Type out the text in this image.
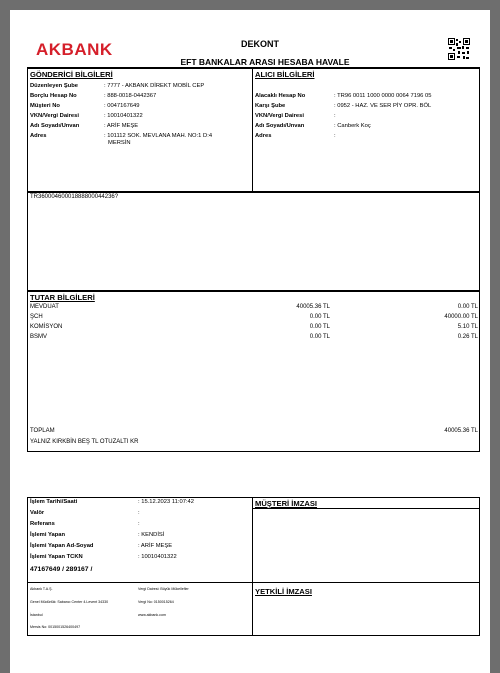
AKBANK	DEKONT
EFT BANKALAR ARASI HESABA HAVALE
GÖNDERİCİ BİLGİLERİ
Düzenleyen Şube	: 7777 - AKBANK DİREKT MOBİL CEP
Borçlu Hesap No	: 888-0018-0442367
Müşteri No	: 0047167649
VKN/Vergi Dairesi	: 10010401322
Adı Soyadı/Unvan	: ARİF MEŞE
Adres	: 101112 SOK. MEVLANA MAH. NO:1 D:4
MERSİN
ALICI BİLGİLERİ
Alacaklı Hesap No	: TR96 0011 1000 0000 0064 7196 05
Karşı Şube	: 0952 - HAZ. VE SER PİY OPR. BÖL
VKN/Vergi Dairesi	:
Adı Soyadı/Unvan	: Canberk Koç
Adres	:
TR36000460001888800044236?
TUTAR BİLGİLERİ
MEVDUAT	40005.36 TL	0.00 TL
ŞCH	0.00 TL	40000.00 TL
KOMİSYON	0.00 TL	5.10 TL
BSMV	0.00 TL	0.26 TL
TOPLAM	40005.36 TL
YALNIZ KIRKBİN BEŞ TL OTUZALTI KR
İşlem Tarihi/Saati	: 15.12.2023 11:07:42
Valör	:
Referans	:
İşlemi Yapan	: KENDİSİ
İşlemi Yapan Ad-Soyad	: ARİF MEŞE
İşlemi Yapan TCKN	: 10010401322
47167649 / 289167 /
MÜŞTERİ İMZASI
YETKİLİ İMZASI
Akbank T.A.Ş.
Genel Müdürlük: Sabancı Center 4.Levent 34330
İstanbul
Mersis No: 0015001526400497
Vergi Dairesi: Büyük Mükellefler
Vergi No: 0150015264
www.akbank.com
